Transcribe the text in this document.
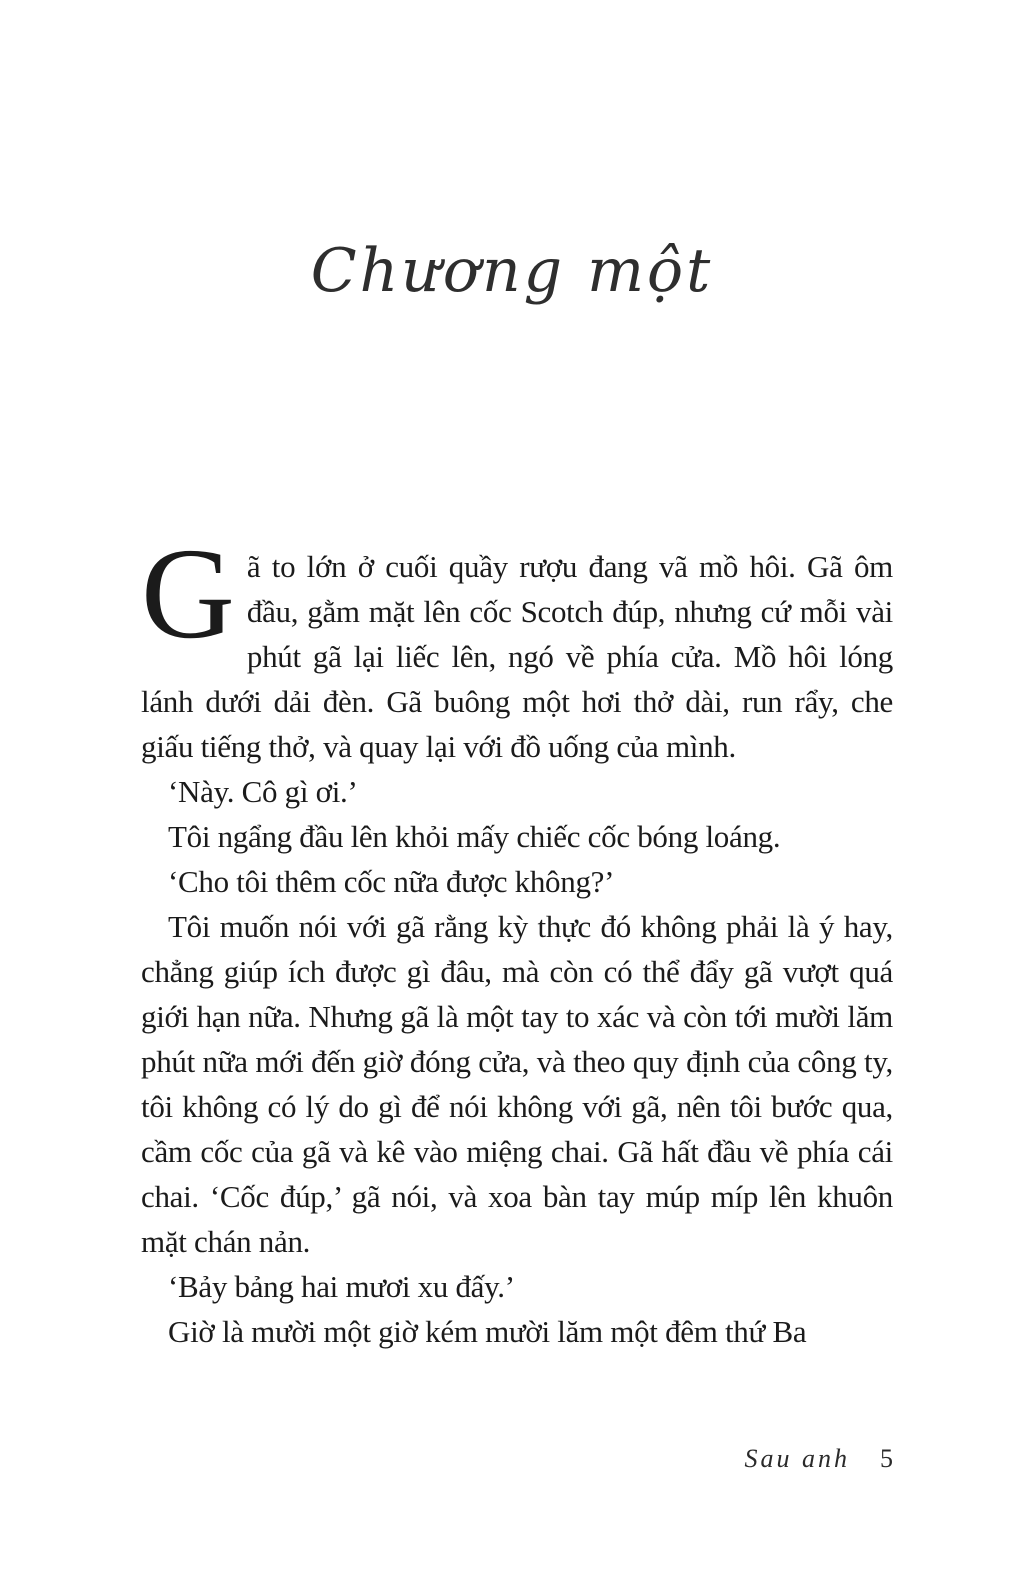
Chương một

Gã to lớn ở cuối quầy rượu đang vã mồ hôi. Gã ôm đầu, gằm mặt lên cốc Scotch đúp, nhưng cứ mỗi vài phút gã lại liếc lên, ngó về phía cửa. Mồ hôi lóng lánh dưới dải đèn. Gã buông một hơi thở dài, run rẩy, che giấu tiếng thở, và quay lại với đồ uống của mình.

‘Này. Cô gì ơi.’

Tôi ngẩng đầu lên khỏi mấy chiếc cốc bóng loáng.

‘Cho tôi thêm cốc nữa được không?’

Tôi muốn nói với gã rằng kỳ thực đó không phải là ý hay, chẳng giúp ích được gì đâu, mà còn có thể đẩy gã vượt quá giới hạn nữa. Nhưng gã là một tay to xác và còn tới mười lăm phút nữa mới đến giờ đóng cửa, và theo quy định của công ty, tôi không có lý do gì để nói không với gã, nên tôi bước qua, cầm cốc của gã và kê vào miệng chai. Gã hất đầu về phía cái chai. ‘Cốc đúp,’ gã nói, và xoa bàn tay múp míp lên khuôn mặt chán nản.

‘Bảy bảng hai mươi xu đấy.’

Giờ là mười một giờ kém mười lăm một đêm thứ Ba

Sau anh 5
